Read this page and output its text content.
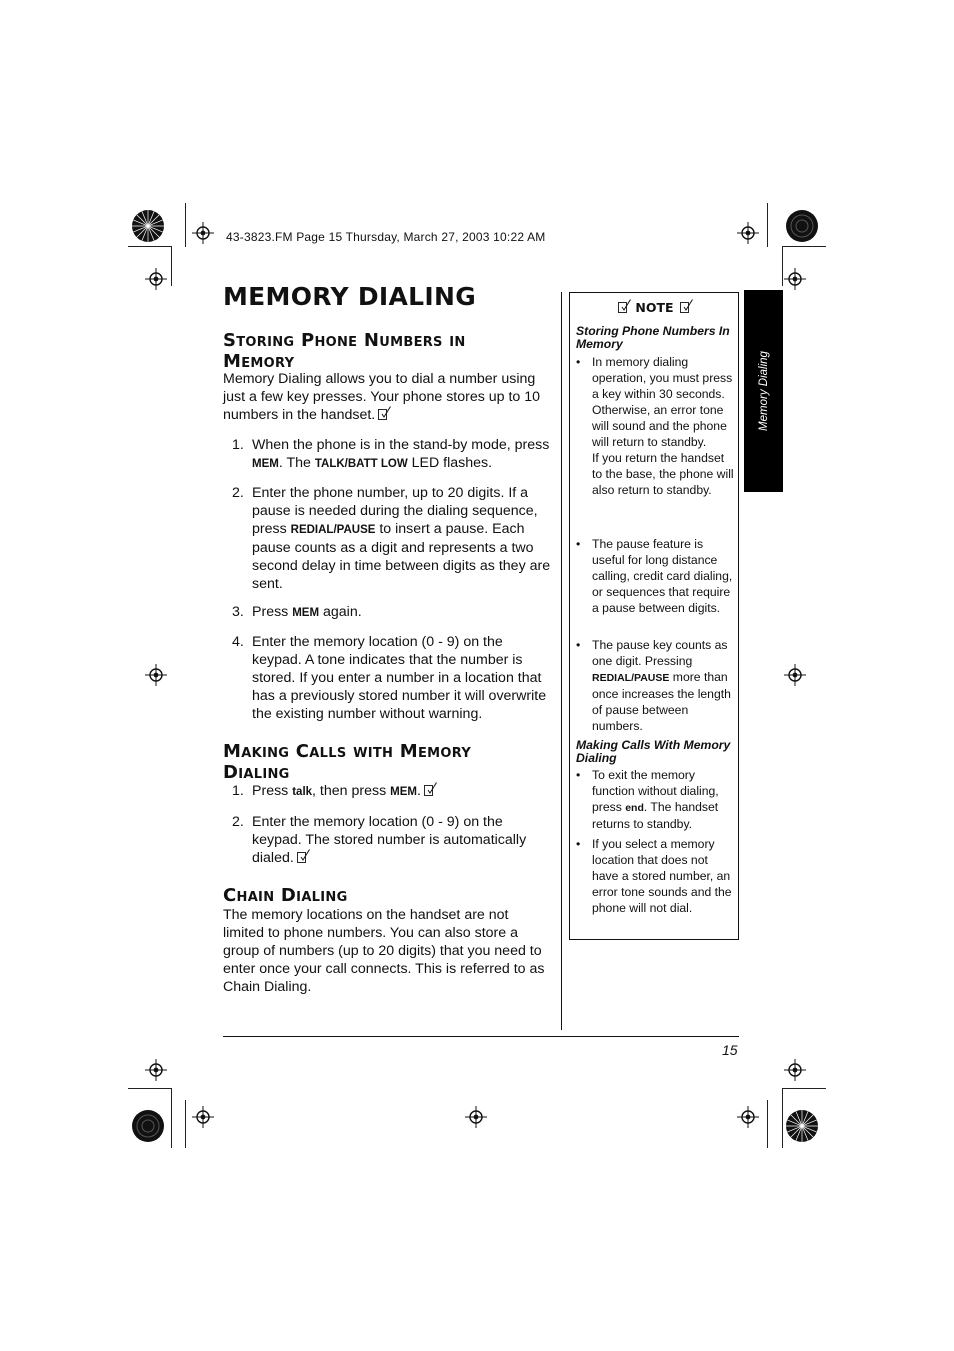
43-3823.FM Page 15 Thursday, March 27, 2003 10:22 AM
MEMORY DIALING
Storing Phone Numbers in
Memory
Memory Dialing allows you to dial a number using just a few key presses. Your phone stores up to 10 numbers in the handset.
1. When the phone is in the stand-by mode, press MEM. The TALK/BATT LOW LED flashes.
2. Enter the phone number, up to 20 digits. If a pause is needed during the dialing sequence, press REDIAL/PAUSE to insert a pause. Each pause counts as a digit and represents a two second delay in time between digits as they are sent.
3. Press MEM again.
4. Enter the memory location (0 - 9) on the keypad. A tone indicates that the number is stored. If you enter a number in a location that has a previously stored number it will overwrite the existing number without warning.
Making Calls with Memory
Dialing
1. Press talk, then press MEM.
2. Enter the memory location (0 - 9) on the keypad. The stored number is automatically dialed.
Chain Dialing
The memory locations on the handset are not limited to phone numbers. You can also store a group of numbers (up to 20 digits) that you need to enter once your call connects. This is referred to as Chain Dialing.
15
NOTE
Storing Phone Numbers In Memory
• In memory dialing operation, you must press a key within 30 seconds. Otherwise, an error tone will sound and the phone will return to standby.
If you return the handset to the base, the phone will also return to standby.
• The pause feature is useful for long distance calling, credit card dialing, or sequences that require a pause between digits.
• The pause key counts as one digit. Pressing REDIAL/PAUSE more than once increases the length of pause between numbers.
Making Calls With Memory Dialing
• To exit the memory function without dialing, press end. The handset returns to standby.
• If you select a memory location that does not have a stored number, an error tone sounds and the phone will not dial.
Memory Dialing
